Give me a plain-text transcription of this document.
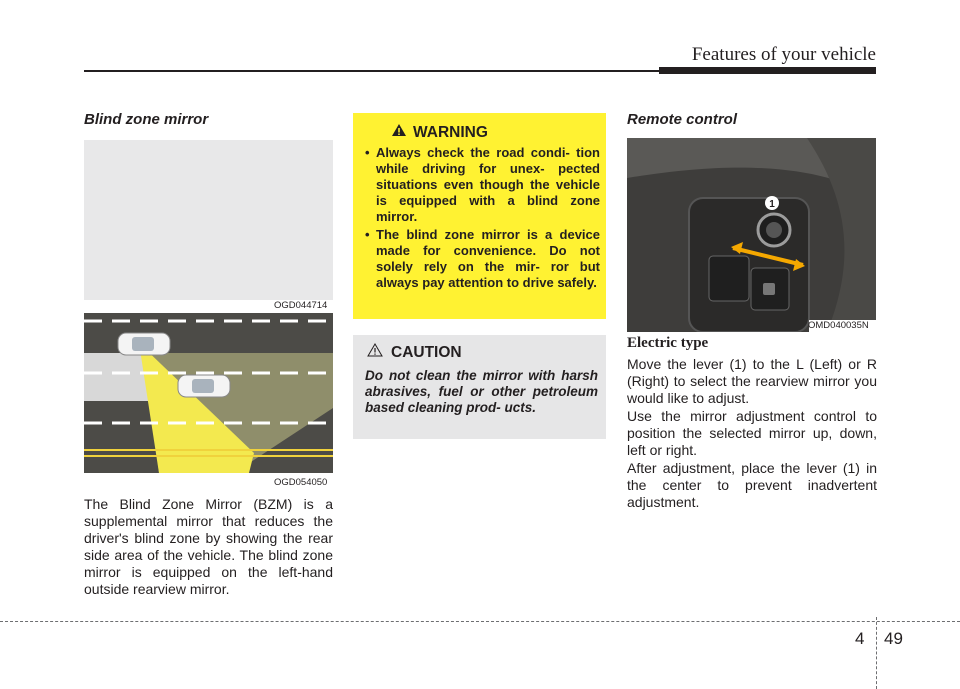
Features of your vehicle
Blind zone mirror
OGD044714
OGD054050

The Blind Zone Mirror (BZM) is a supplemental mirror that reduces the driver's blind zone by showing the rear side area of the vehicle. The blind zone mirror is equipped on the left-hand outside rearview mirror.

WARNING
• Always check the road condi- tion while driving for unex- pected situations even though the vehicle is equipped with a blind zone mirror.
• The blind zone mirror is a device made for convenience. Do not solely rely on the mir- ror but always pay attention to drive safely.
CAUTION

Do not clean the mirror with harsh abrasives, fuel or other petroleum based cleaning prod- ucts.

Remote control
1
OMD040035N
Electric type

Move the lever (1) to the L (Left) or R (Right) to select the rearview mirror you would like to adjust.

Use the mirror adjustment control to position the selected mirror up, down, left or right.

After adjustment, place the lever (1) in the center to prevent inadvertent adjustment.

4 49
